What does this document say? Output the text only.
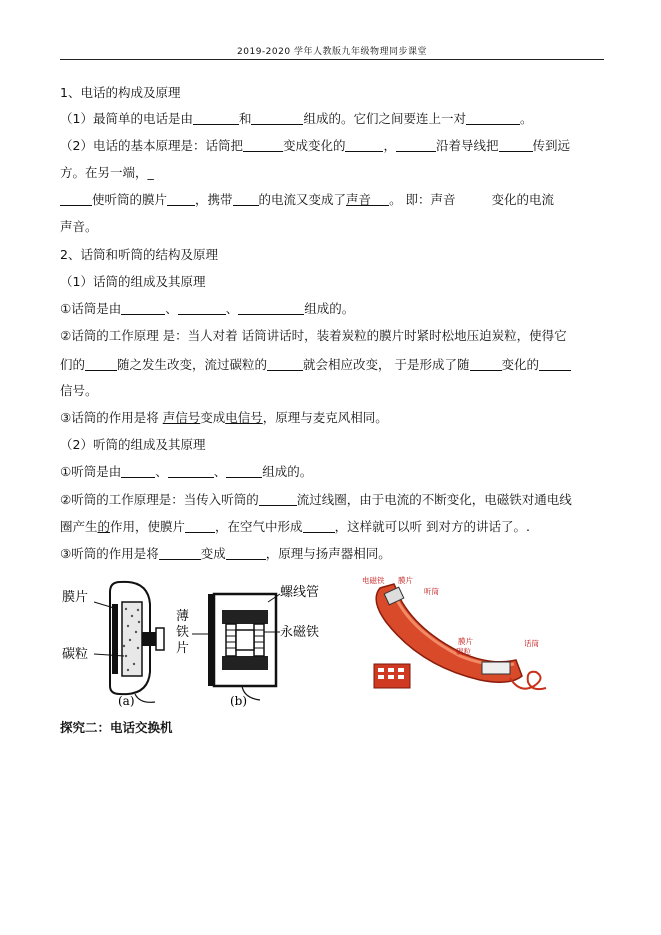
2019-2020 学年人教版九年级物理同步课堂
1、电话的构成及原理
（1）最简单的电话是由	和	组成的。它们之间要连上一对	。
（2）电话的基本原理是：话筒把	变成变化的	，	沿着导线把	传到远
方。在另一端，_
使听筒的膜片 ，携带 的电流又变成了声音 。 即：声音	变化的电流
声音。
2、话筒和听筒的结构及原理
（1）话筒的组成及其原理
①话筒是由	、	、	组成的。
②话筒的工作原理 是：当人对着 话筒讲话时，装着炭粒的膜片时紧时松地压迫炭粒，使得它
们的	随之发生改变，流过碳粒的	就会相应改变， 于是形成了随	变化的
信号。
③话筒的作用是将 声信号变成电信号，原理与麦克风相同。
（2）听筒的组成及其原理
①听筒是由	、	、	组成的。
②听筒的工作原理是：当传入听筒的	流过线圈，由于电流的不断变化，电磁铁对通电线
圈产生的作用，使膜片 ，在空气中形成	，这样就可以听 到对方的讲话了。.
③听筒的作用是将	变成	，原理与扬声器相同。
膜片
碳粒
(a)
螺线管
永磁铁
薄
铁
片
(b)
电磁铁 膜片
听筒
膜片
碳粒
话筒
探究二：电话交换机
